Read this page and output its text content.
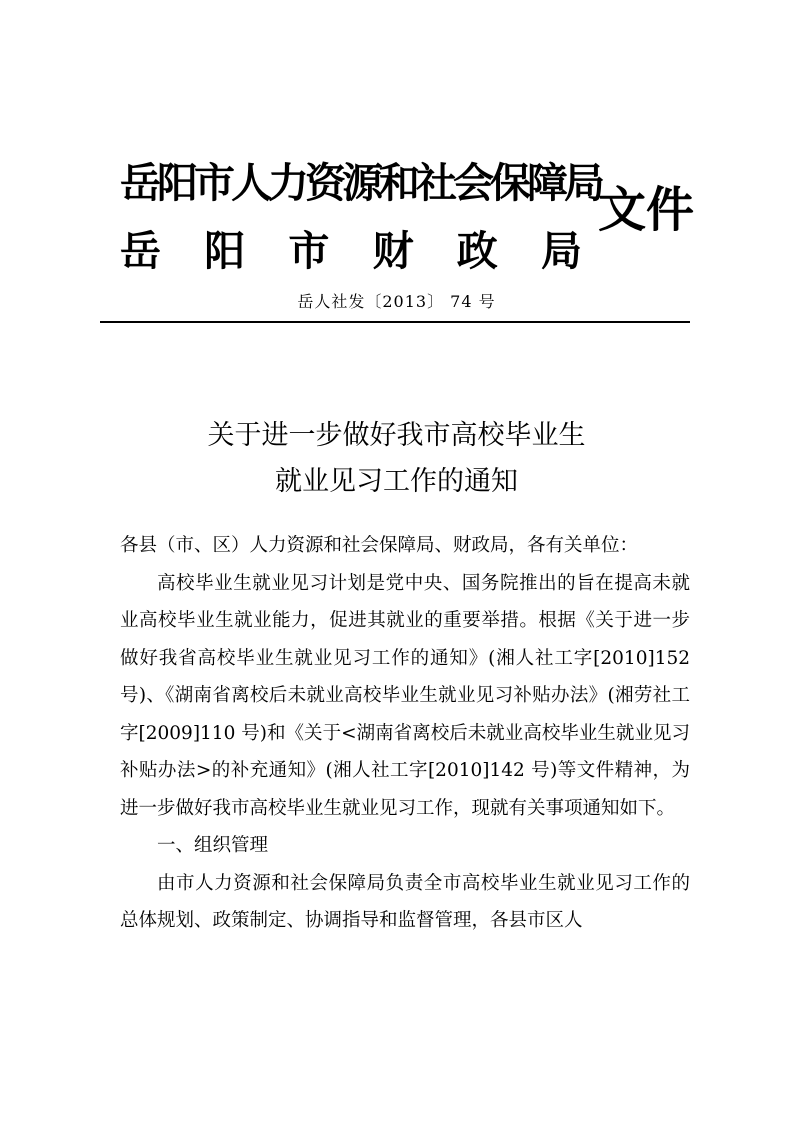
岳阳市人力资源和社会保障局
岳 阳 市 财 政 局
文件
岳人社发〔2013〕 74 号
关于进一步做好我市高校毕业生
就业见习工作的通知

各县（市、区）人力资源和社会保障局、财政局，各有关单位：

高校毕业生就业见习计划是党中央、国务院推出的旨在提高未就业高校毕业生就业能力，促进其就业的重要举措。根据《关于进一步做好我省高校毕业生就业见习工作的通知》(湘人社工字[2010]152 号)、《湖南省离校后未就业高校毕业生就业见习补贴办法》(湘劳社工字[2009]110 号)和《关于<湖南省离校后未就业高校毕业生就业见习补贴办法>的补充通知》(湘人社工字[2010]142 号)等文件精神，为进一步做好我市高校毕业生就业见习工作，现就有关事项通知如下。

一、组织管理

由市人力资源和社会保障局负责全市高校毕业生就业见习工作的总体规划、政策制定、协调指导和监督管理，各县市区人
